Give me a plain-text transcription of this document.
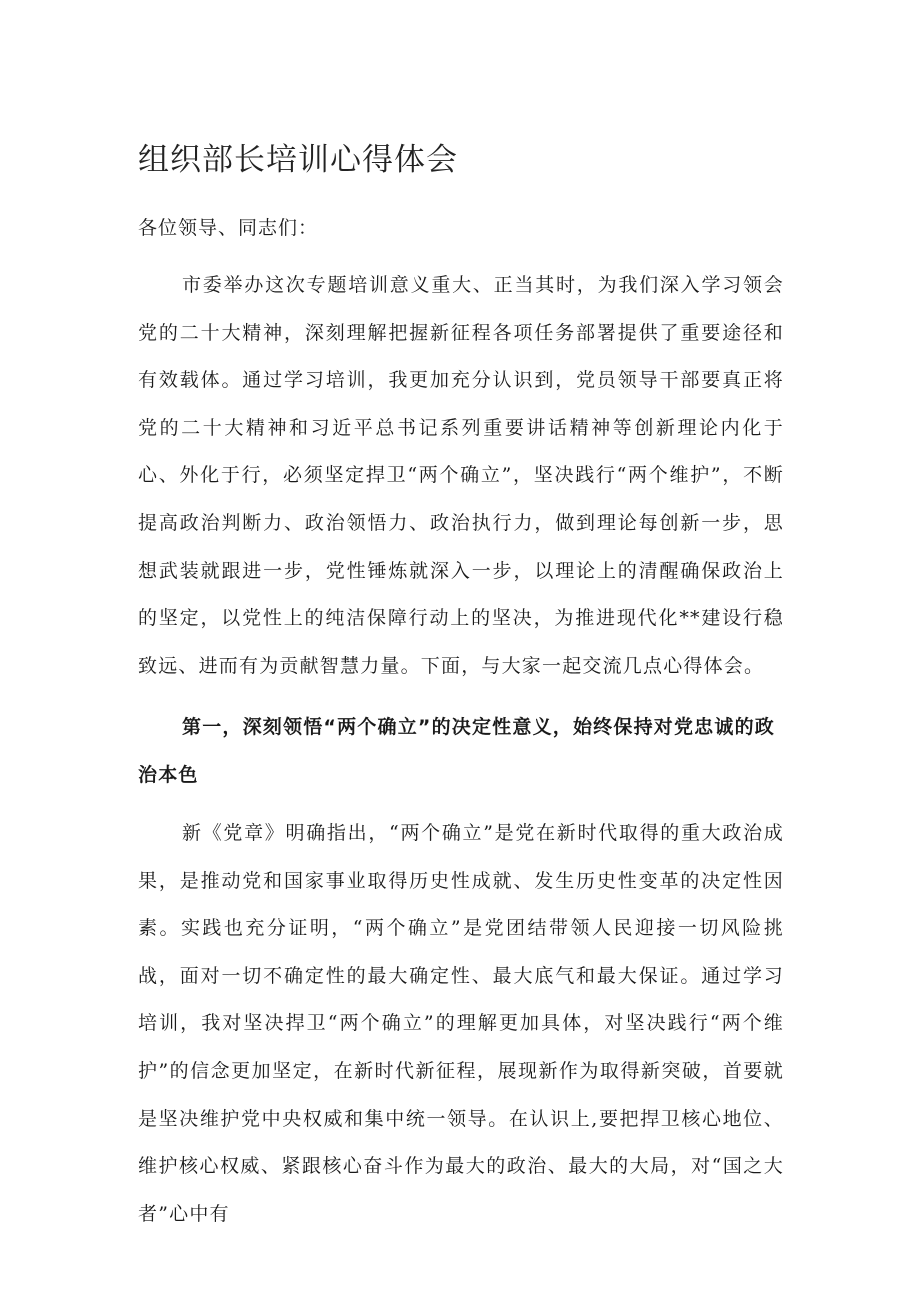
组织部长培训心得体会

各位领导、同志们：

市委举办这次专题培训意义重大、正当其时，为我们深入学习领会党的二十大精神，深刻理解把握新征程各项任务部署提供了重要途径和有效载体。通过学习培训，我更加充分认识到，党员领导干部要真正将党的二十大精神和习近平总书记系列重要讲话精神等创新理论内化于心、外化于行，必须坚定捍卫“两个确立”，坚决践行“两个维护”，不断提高政治判断力、政治领悟力、政治执行力，做到理论每创新一步，思想武装就跟进一步，党性锤炼就深入一步，以理论上的清醒确保政治上的坚定，以党性上的纯洁保障行动上的坚决，为推进现代化**建设行稳致远、进而有为贡献智慧力量。下面，与大家一起交流几点心得体会。

第一，深刻领悟“两个确立”的决定性意义，始终保持对党忠诚的政治本色

新《党章》明确指出，“两个确立”是党在新时代取得的重大政治成果，是推动党和国家事业取得历史性成就、发生历史性变革的决定性因素。实践也充分证明，“两个确立”是党团结带领人民迎接一切风险挑战，面对一切不确定性的最大确定性、最大底气和最大保证。通过学习培训，我对坚决捍卫“两个确立”的理解更加具体，对坚决践行“两个维护”的信念更加坚定，在新时代新征程，展现新作为取得新突破，首要就是坚决维护党中央权威和集中统一领导。在认识上,要把捍卫核心地位、维护核心权威、紧跟核心奋斗作为最大的政治、最大的大局，对“国之大者”心中有
